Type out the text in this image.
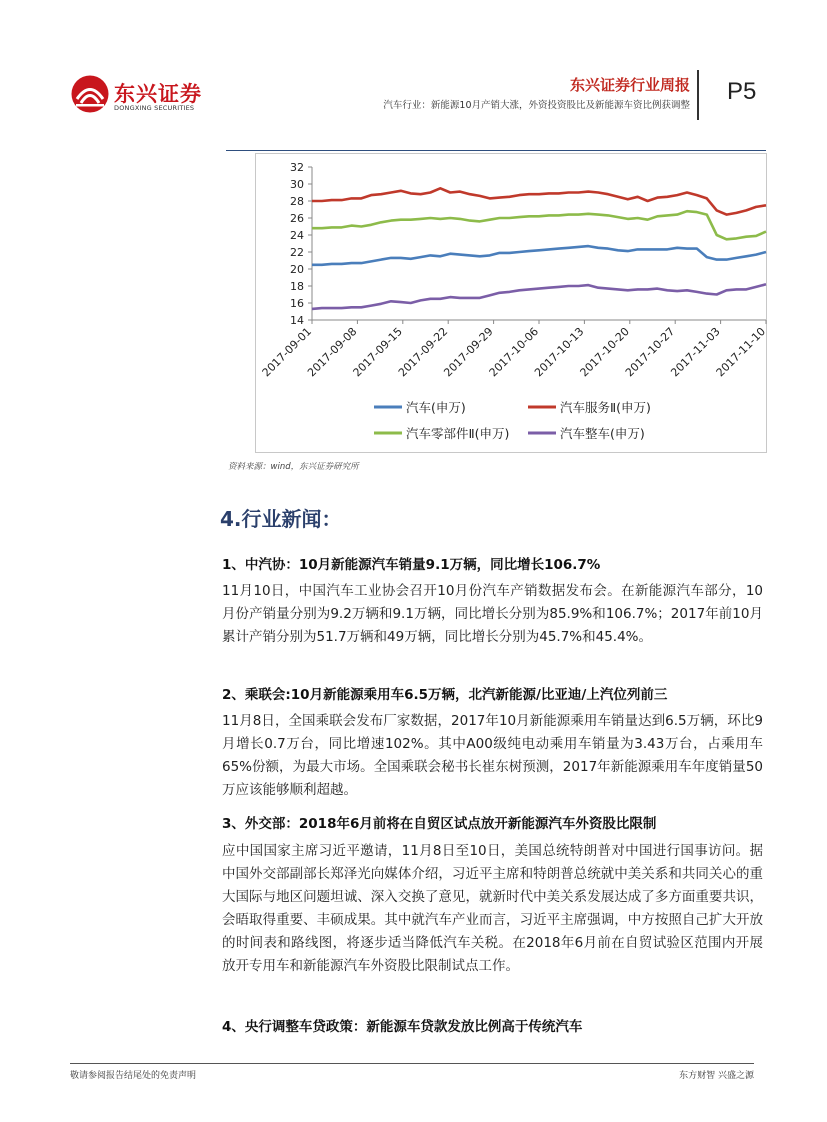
东兴证券
DONGXING SECURITIES
东兴证券行业周报
汽车行业：新能源10月产销大涨，外资投资股比及新能源车资比例获调整
P5
14
16
18
20
22
24
26
28
30
32
2017-09-01
2017-09-08
2017-09-15
2017-09-22
2017-09-29
2017-10-06
2017-10-13
2017-10-20
2017-10-27
2017-11-03
2017-11-10
汽车(申万)	汽车服务Ⅱ(申万)
汽车零部件Ⅱ(申万)	汽车整车(申万)
资料来源：wind，东兴证券研究所
4.行业新闻：
1、中汽协：10月新能源汽车销量9.1万辆，同比增长106.7%
11月10日，中国汽车工业协会召开10月份汽车产销数据发布会。在新能源汽车部分，10月份产销量分别为9.2万辆和9.1万辆，同比增长分别为85.9%和106.7%；2017年前10月累计产销分别为51.7万辆和49万辆，同比增长分别为45.7%和45.4%。
2、乘联会:10月新能源乘用车6.5万辆，北汽新能源/比亚迪/上汽位列前三
11月8日，全国乘联会发布厂家数据，2017年10月新能源乘用车销量达到6.5万辆，环比9月增长0.7万台，同比增速102%。其中A00级纯电动乘用车销量为3.43万台，占乘用车65%份额，为最大市场。全国乘联会秘书长崔东树预测，2017年新能源乘用车年度销量50万应该能够顺利超越。
3、外交部：2018年6月前将在自贸区试点放开新能源汽车外资股比限制
应中国国家主席习近平邀请，11月8日至10日，美国总统特朗普对中国进行国事访问。据中国外交部副部长郑泽光向媒体介绍，习近平主席和特朗普总统就中美关系和共同关心的重大国际与地区问题坦诚、深入交换了意见，就新时代中美关系发展达成了多方面重要共识，会晤取得重要、丰硕成果。其中就汽车产业而言，习近平主席强调，中方按照自己扩大开放的时间表和路线图，将逐步适当降低汽车关税。在2018年6月前在自贸试验区范围内开展放开专用车和新能源汽车外资股比限制试点工作。
4、央行调整车贷政策：新能源车贷款发放比例高于传统汽车
敬请参阅报告结尾处的免责声明	东方财智 兴盛之源
